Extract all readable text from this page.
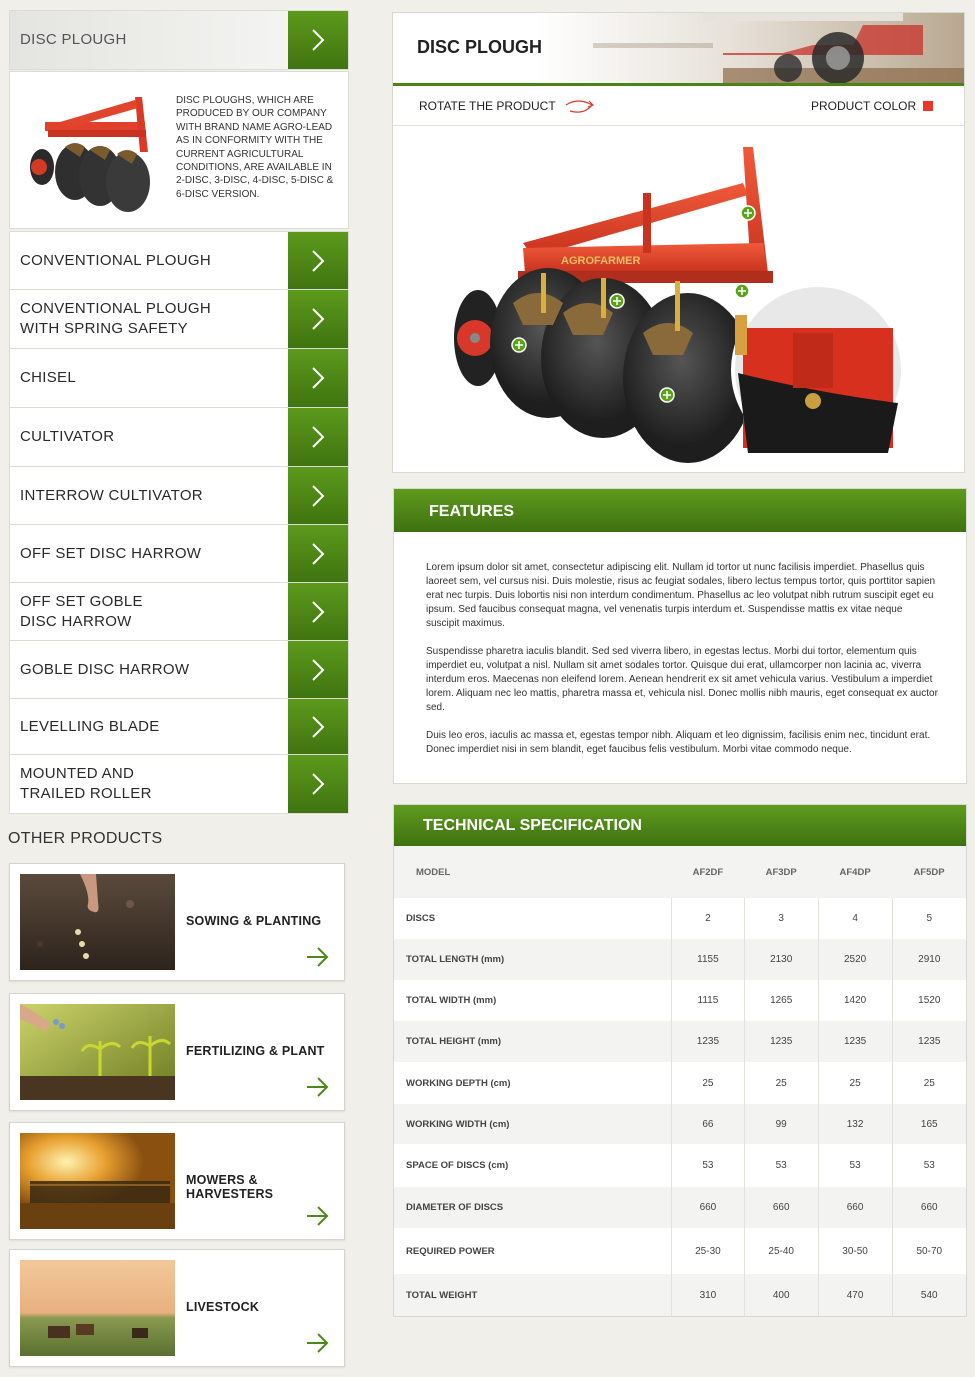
DISC PLOUGH
DISC PLOUGHS, WHICH ARE PRODUCED BY OUR COMPANY WITH BRAND NAME AGRO-LEAD AS IN CONFORMITY WITH THE CURRENT AGRICULTURAL CONDITIONS, ARE AVAILABLE IN 2-DISC, 3-DISC, 4-DISC, 5-DISC & 6-DISC VERSION.
CONVENTIONAL PLOUGH
CONVENTIONAL PLOUGH
WITH SPRING SAFETY
CHISEL
CULTIVATOR
INTERROW CULTIVATOR
OFF SET DISC HARROW
OFF SET GOBLE
DISC HARROW
GOBLE DISC HARROW
LEVELLING BLADE
MOUNTED AND
TRAILED ROLLER
OTHER PRODUCTS
SOWING & PLANTING
FERTILIZING & PLANT
MOWERS & HARVESTERS
LIVESTOCK
DISC PLOUGH
ROTATE THE PRODUCT	PRODUCT COLOR
AGROFARMER
FEATURES

Lorem ipsum dolor sit amet, consectetur adipiscing elit. Nullam id tortor ut nunc facilisis imperdiet. Phasellus quis laoreet sem, vel cursus nisi. Duis molestie, risus ac feugiat sodales, libero lectus tempus tortor, quis porttitor sapien erat nec turpis. Duis lobortis nisi non interdum condimentum. Phasellus ac leo volutpat nibh rutrum suscipit eget eu ipsum. Sed faucibus consequat magna, vel venenatis turpis interdum et. Suspendisse mattis ex vitae neque suscipit maximus.

Suspendisse pharetra iaculis blandit. Sed sed viverra libero, in egestas lectus. Morbi dui tortor, elementum quis imperdiet eu, volutpat a nisl. Nullam sit amet sodales tortor. Quisque dui erat, ullamcorper non lacinia ac, viverra interdum eros. Maecenas non eleifend lorem. Aenean hendrerit ex sit amet vehicula varius. Vestibulum a imperdiet lorem. Aliquam nec leo mattis, pharetra massa et, vehicula nisl. Donec mollis nibh mauris, eget consequat ex auctor sed.

Duis leo eros, iaculis ac massa et, egestas tempor nibh. Aliquam et leo dignissim, facilisis enim nec, tincidunt erat. Donec imperdiet nisi in sem blandit, eget faucibus felis vestibulum. Morbi vitae commodo neque.

TECHNICAL SPECIFICATION
MODEL	AF2DF	AF3DP	AF4DP	AF5DP
DISCS	2	3	4	5
TOTAL LENGTH (mm)	1155	2130	2520	2910
TOTAL WIDTH (mm)	1115	1265	1420	1520
TOTAL HEIGHT (mm)	1235	1235	1235	1235
WORKING DEPTH (cm)	25	25	25	25
WORKING WIDTH (cm)	66	99	132	165
SPACE OF DISCS (cm)	53	53	53	53
DIAMETER OF DISCS	660	660	660	660
REQUIRED POWER	25-30	25-40	30-50	50-70
TOTAL WEIGHT	310	400	470	540
